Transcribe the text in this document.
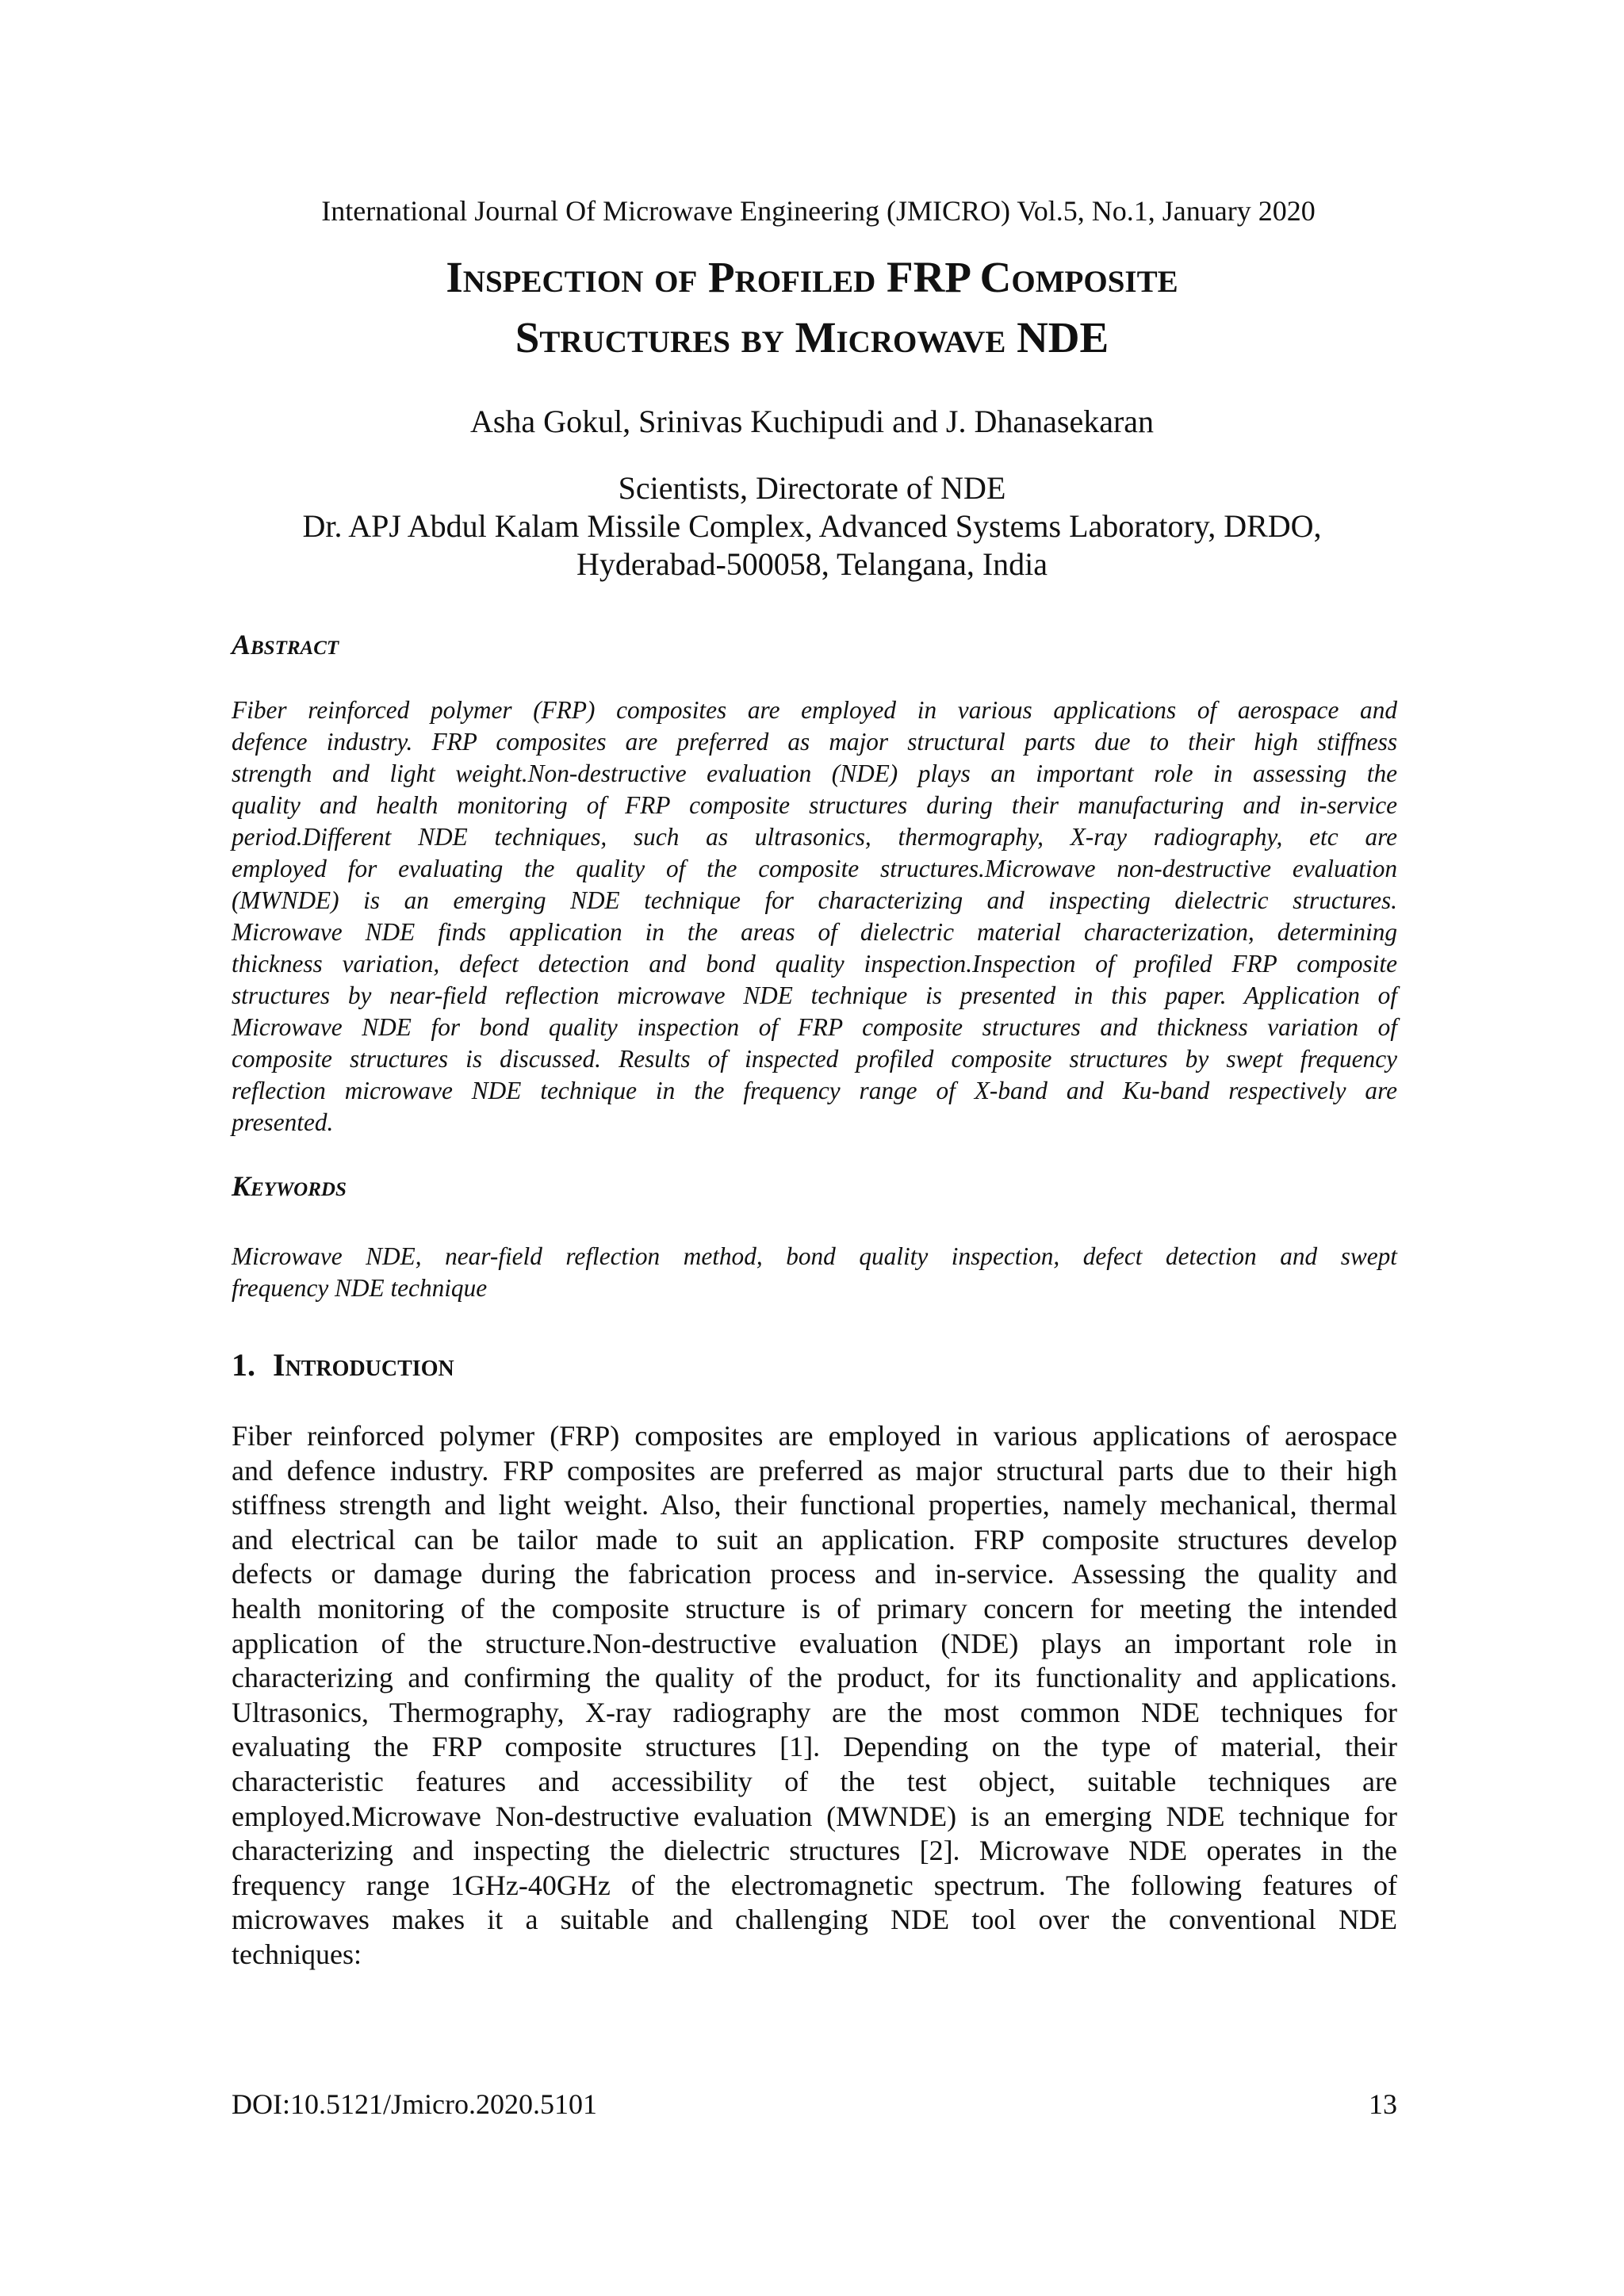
International Journal Of Microwave Engineering (JMICRO) Vol.5, No.1, January 2020
Inspection of Profiled FRP Composite
Structures by Microwave NDE
Asha Gokul, Srinivas Kuchipudi and J. Dhanasekaran
Scientists, Directorate of NDE
Dr. APJ Abdul Kalam Missile Complex, Advanced Systems Laboratory, DRDO,
Hyderabad-500058, Telangana, India
Abstract
Fiber reinforced polymer (FRP) composites are employed in various applications of aerospace and
defence industry. FRP composites are preferred as major structural parts due to their high stiffness
strength and light weight.Non-destructive evaluation (NDE) plays an important role in assessing the
quality and health monitoring of FRP composite structures during their manufacturing and in-service
period.Different NDE techniques, such as ultrasonics, thermography, X-ray radiography, etc are
employed for evaluating the quality of the composite structures.Microwave non-destructive evaluation
(MWNDE) is an emerging NDE technique for characterizing and inspecting dielectric structures.
Microwave NDE finds application in the areas of dielectric material characterization, determining
thickness variation, defect detection and bond quality inspection.Inspection of profiled FRP composite
structures by near-field reflection microwave NDE technique is presented in this paper. Application of
Microwave NDE for bond quality inspection of FRP composite structures and thickness variation of
composite structures is discussed. Results of inspected profiled composite structures by swept frequency
reflection microwave NDE technique in the frequency range of X-band and Ku-band respectively are
presented.
Keywords
Microwave NDE, near-field reflection method, bond quality inspection, defect detection and swept
frequency NDE technique
1. Introduction
Fiber reinforced polymer (FRP) composites are employed in various applications of aerospace
and defence industry. FRP composites are preferred as major structural parts due to their high
stiffness strength and light weight. Also, their functional properties, namely mechanical, thermal
and electrical can be tailor made to suit an application. FRP composite structures develop
defects or damage during the fabrication process and in-service. Assessing the quality and
health monitoring of the composite structure is of primary concern for meeting the intended
application of the structure.Non-destructive evaluation (NDE) plays an important role in
characterizing and confirming the quality of the product, for its functionality and applications.
Ultrasonics, Thermography, X-ray radiography are the most common NDE techniques for
evaluating the FRP composite structures [1]. Depending on the type of material, their
characteristic features and accessibility of the test object, suitable techniques are
employed.Microwave Non-destructive evaluation (MWNDE) is an emerging NDE technique for
characterizing and inspecting the dielectric structures [2]. Microwave NDE operates in the
frequency range 1GHz-40GHz of the electromagnetic spectrum. The following features of
microwaves makes it a suitable and challenging NDE tool over the conventional NDE
techniques:
DOI:10.5121/Jmicro.2020.5101	13
